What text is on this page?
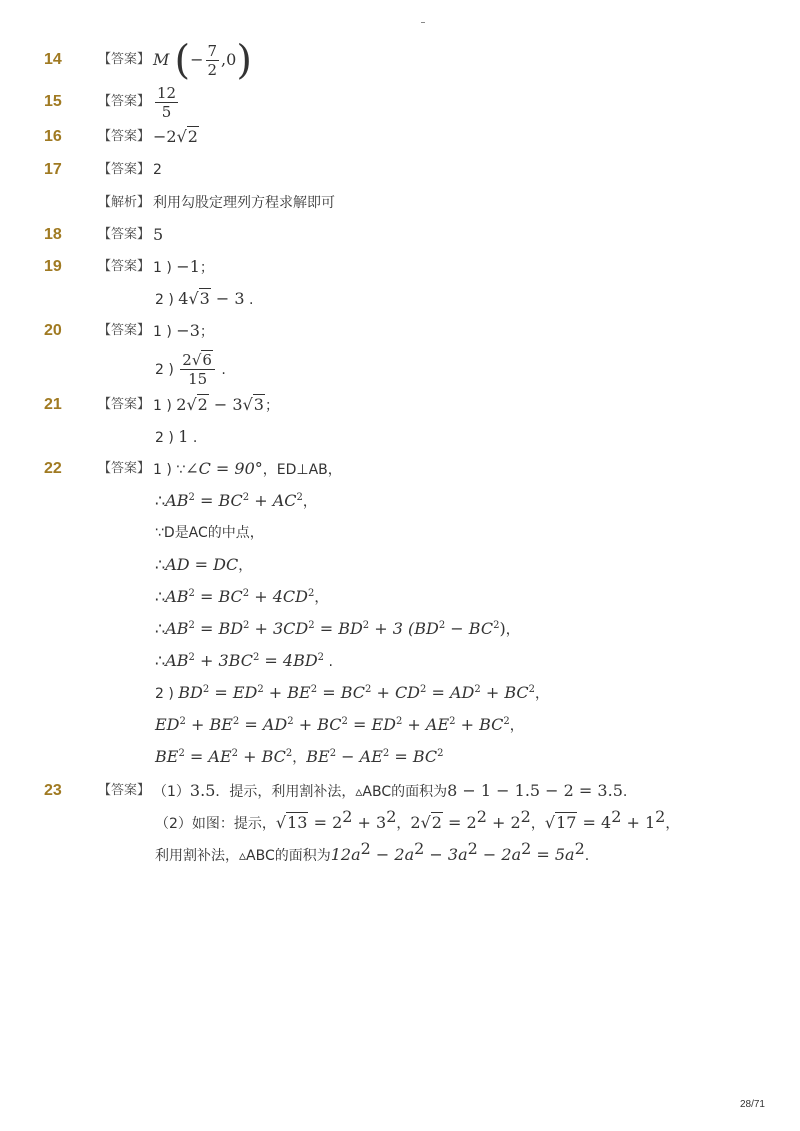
14	【答案】 M (− $\frac{7}{2} ,0$)
15	【答案】 $\frac{12}{5}$
16	【答案】 −2√2
17	【答案】 2
【解析】 利用勾股定理列方程求解即可
18	【答案】 5
19	【答案】 1 ) −1；
2 ) 4√3 − 3 .
20	【答案】 1 ) −3；
2 ) $\frac{2√6}{15}$ .
21	【答案】 1 ) 2√2 − 3√3；
2 ) 1 .
22	【答案】 1 ) ∵∠C = 90°，ED⊥AB，
$\therefore AB^2 = BC^2 + AC^2$，
∵D是AC的中点，
∴AD = DC，
$\therefore AB^2 = BC^2 + 4CD^2$，
$\therefore AB^2 = BD^2 + 3CD^2 = BD^2 + 3$ $(BD^2 - BC^2)$，
$\therefore AB^2 + 3BC^2 = 4BD^2$ .
2 ) $BD^2 = ED^2 + BE^2 = BC^2 + CD^2 = AD^2 + BC^2$，
$ED^2 + BE^2 = AD^2 + BC^2 = ED^2 + AE^2 + BC^2$，
$BE^2 = AE^2 + BC^2$，$BE^2 - AE^2 = BC^2$
23	【答案】 （1）3.5．提示，利用割补法，▵ABC的面积为8 − 1 − 1.5 − 2 = 3.5.
（2）如图：提示，$√13 = 2^2 + 3^2$，$2√2 = 2^2 + 2^2$，$√17 = 4^2 + 1^2$，
利用割补法，▵ABC的面积为$12a^2 - 2a^2 - 3a^2 - 2a^2 = 5a^2$.
28/71
